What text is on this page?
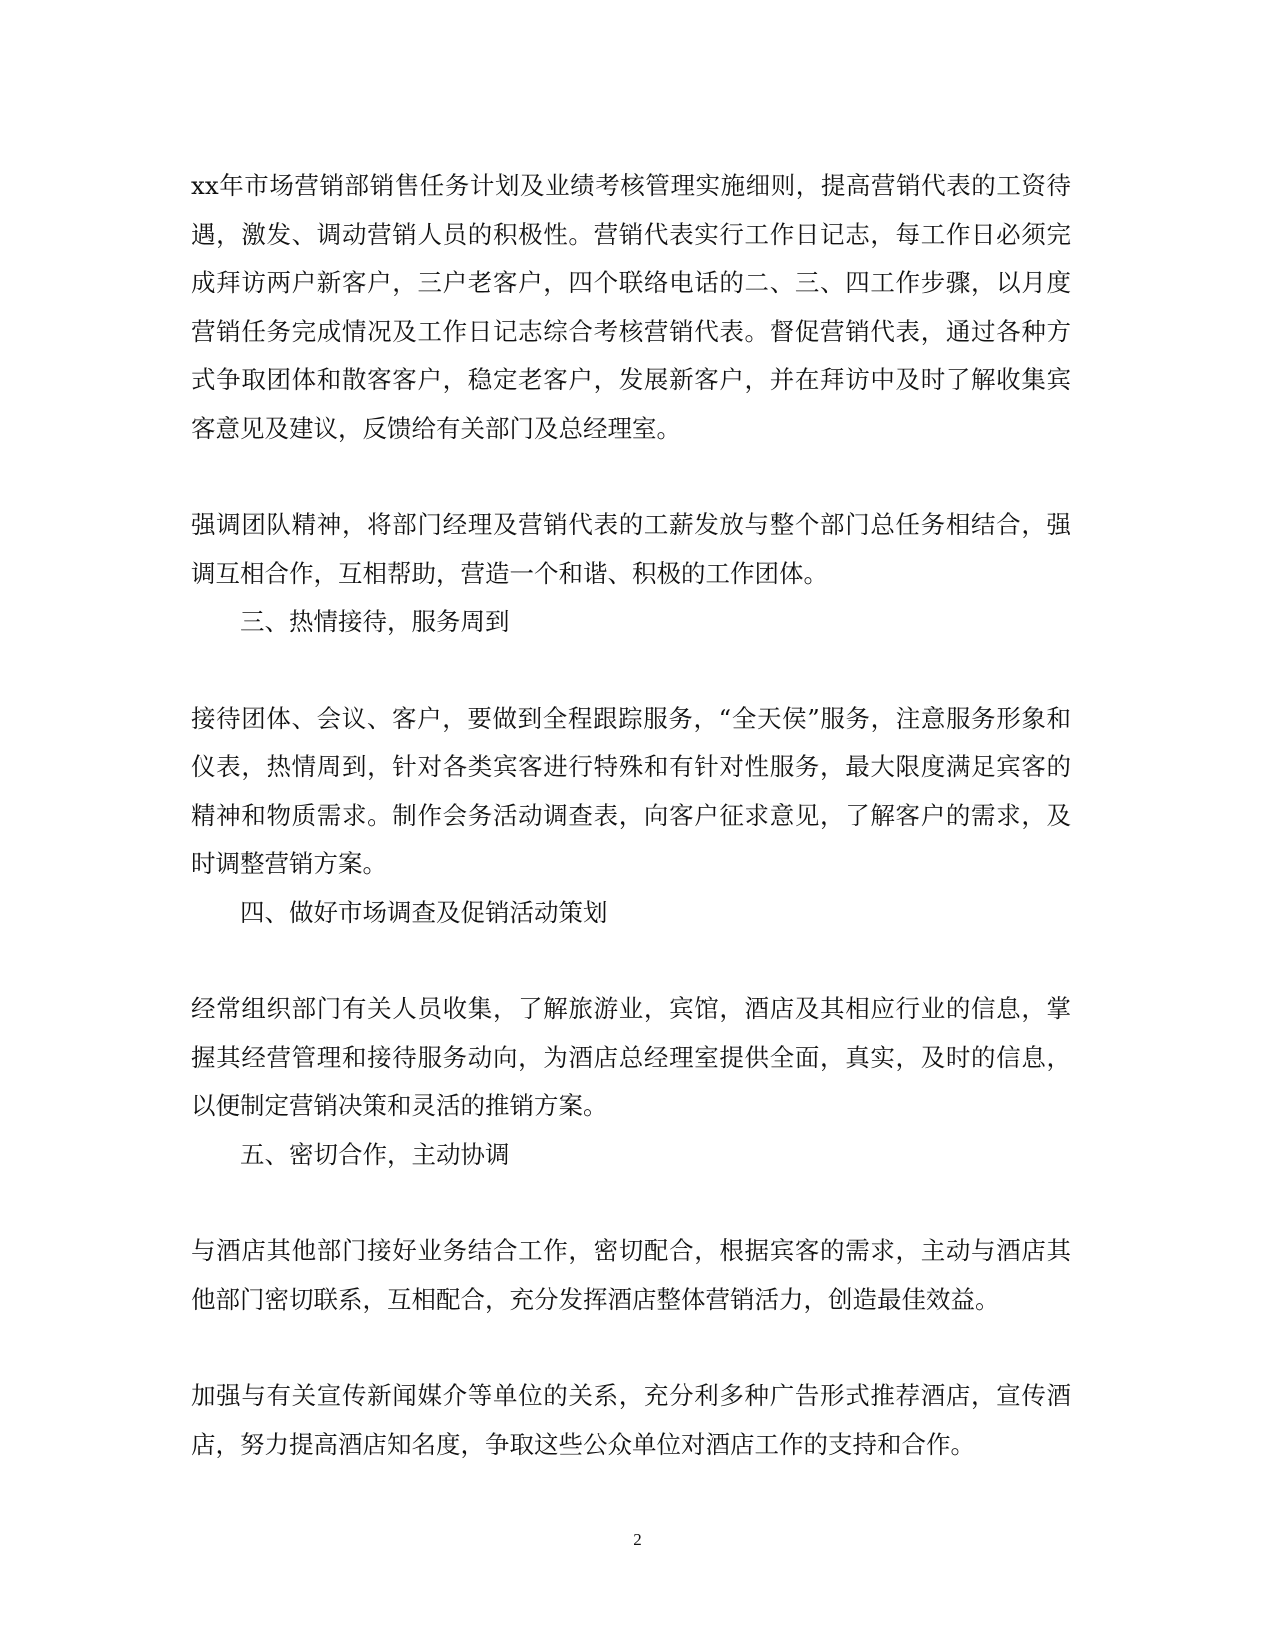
xx年市场营销部销售任务计划及业绩考核管理实施细则，提高营销代表的工资待遇，激发、调动营销人员的积极性。营销代表实行工作日记志，每工作日必须完成拜访两户新客户，三户老客户，四个联络电话的二、三、四工作步骤，以月度营销任务完成情况及工作日记志综合考核营销代表。督促营销代表，通过各种方式争取团体和散客客户，稳定老客户，发展新客户，并在拜访中及时了解收集宾客意见及建议，反馈给有关部门及总经理室。

强调团队精神，将部门经理及营销代表的工薪发放与整个部门总任务相结合，强调互相合作，互相帮助，营造一个和谐、积极的工作团体。

三、热情接待，服务周到

接待团体、会议、客户，要做到全程跟踪服务，“全天侯”服务，注意服务形象和仪表，热情周到，针对各类宾客进行特殊和有针对性服务，最大限度满足宾客的精神和物质需求。制作会务活动调查表，向客户征求意见，了解客户的需求，及时调整营销方案。

四、做好市场调查及促销活动策划

经常组织部门有关人员收集，了解旅游业，宾馆，酒店及其相应行业的信息，掌握其经营管理和接待服务动向，为酒店总经理室提供全面，真实，及时的信息，以便制定营销决策和灵活的推销方案。

五、密切合作，主动协调

与酒店其他部门接好业务结合工作，密切配合，根据宾客的需求，主动与酒店其他部门密切联系，互相配合，充分发挥酒店整体营销活力，创造最佳效益。

加强与有关宣传新闻媒介等单位的关系，充分利多种广告形式推荐酒店，宣传酒店，努力提高酒店知名度，争取这些公众单位对酒店工作的支持和合作。

2
